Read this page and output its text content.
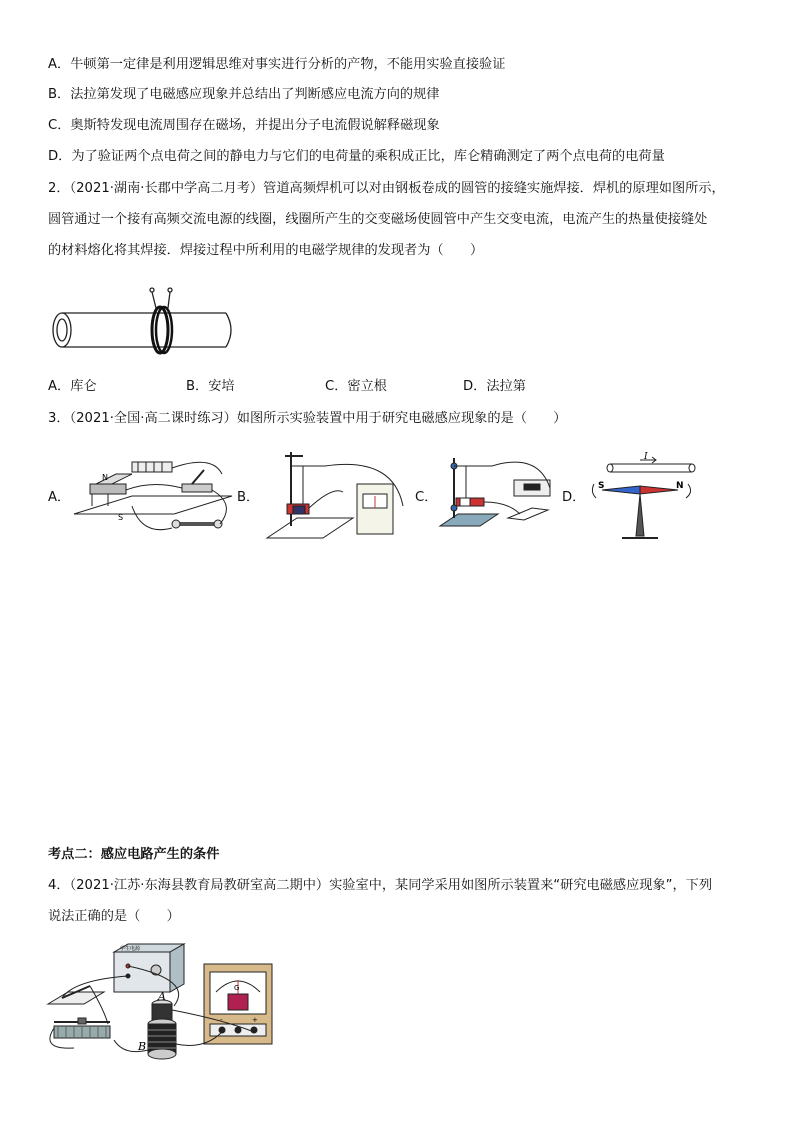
A．牛顿第一定律是利用逻辑思维对事实进行分析的产物，不能用实验直接验证
B．法拉第发现了电磁感应现象并总结出了判断感应电流方向的规律
C．奥斯特发现电流周围存在磁场，并提出分子电流假说解释磁现象
D．为了验证两个点电荷之间的静电力与它们的电荷量的乘积成正比，库仑精确测定了两个点电荷的电荷量
2．（2021·湖南·长郡中学高二月考）管道高频焊机可以对由钢板卷成的圆管的接缝实施焊接．焊机的原理如图所示，
圆管通过一个接有高频交流电源的线圈，线圈所产生的交变磁场使圆管中产生交变电流，电流产生的热量使接缝处
的材料熔化将其焊接．焊接过程中所利用的电磁学规律的发现者为（　　）
A．库仑	B．安培	C．密立根	D．法拉第
3．（2021·全国·高二课时练习）如图所示实验装置中用于研究电磁感应现象的是（　　）
A．	B．	C．	D．
N
S
I
S	N
考点二：感应电路产生的条件
4．（2021·江苏·东海县教育局教研室高二期中）实验室中，某同学采用如图所示装置来“研究电磁感应现象”，下列
说法正确的是（　　）
学生电源
A
B
G
-	+
